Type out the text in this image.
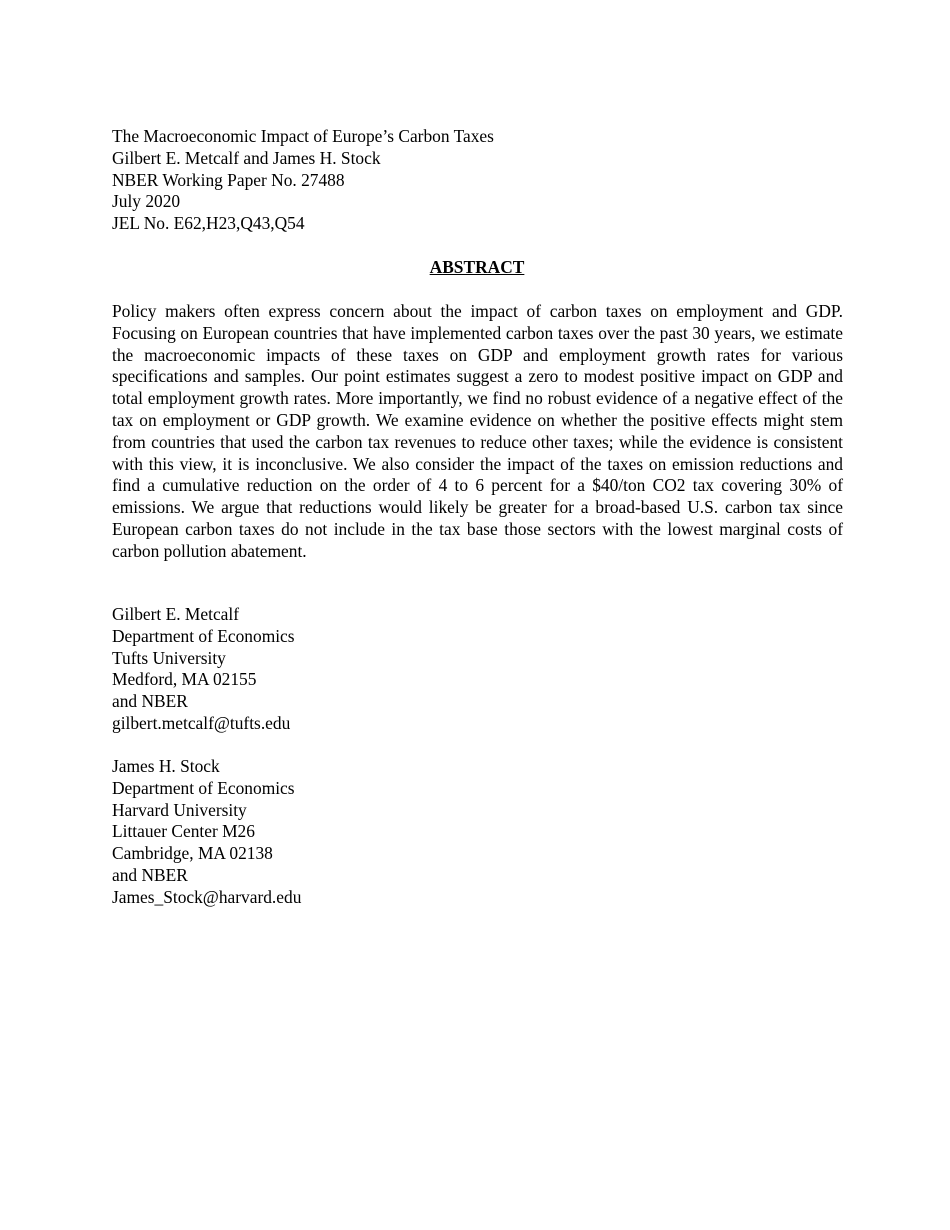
The Macroeconomic Impact of Europe’s Carbon Taxes
Gilbert E. Metcalf and James H. Stock
NBER Working Paper No. 27488
July 2020
JEL No. E62,H23,Q43,Q54
ABSTRACT

Policy makers often express concern about the impact of carbon taxes on employment and GDP. Focusing on European countries that have implemented carbon taxes over the past 30 years, we estimate the macroeconomic impacts of these taxes on GDP and employment growth rates for various specifications and samples. Our point estimates suggest a zero to modest positive impact on GDP and total employment growth rates. More importantly, we find no robust evidence of a negative effect of the tax on employment or GDP growth. We examine evidence on whether the positive effects might stem from countries that used the carbon tax revenues to reduce other taxes; while the evidence is consistent with this view, it is inconclusive. We also consider the impact of the taxes on emission reductions and find a cumulative reduction on the order of 4 to 6 percent for a $40/ton CO2 tax covering 30% of emissions. We argue that reductions would likely be greater for a broad-based U.S. carbon tax since European carbon taxes do not include in the tax base those sectors with the lowest marginal costs of carbon pollution abatement.

Gilbert E. Metcalf
Department of Economics
Tufts University
Medford, MA 02155
and NBER
gilbert.metcalf@tufts.edu
James H. Stock
Department of Economics
Harvard University
Littauer Center M26
Cambridge, MA 02138
and NBER
James_Stock@harvard.edu
